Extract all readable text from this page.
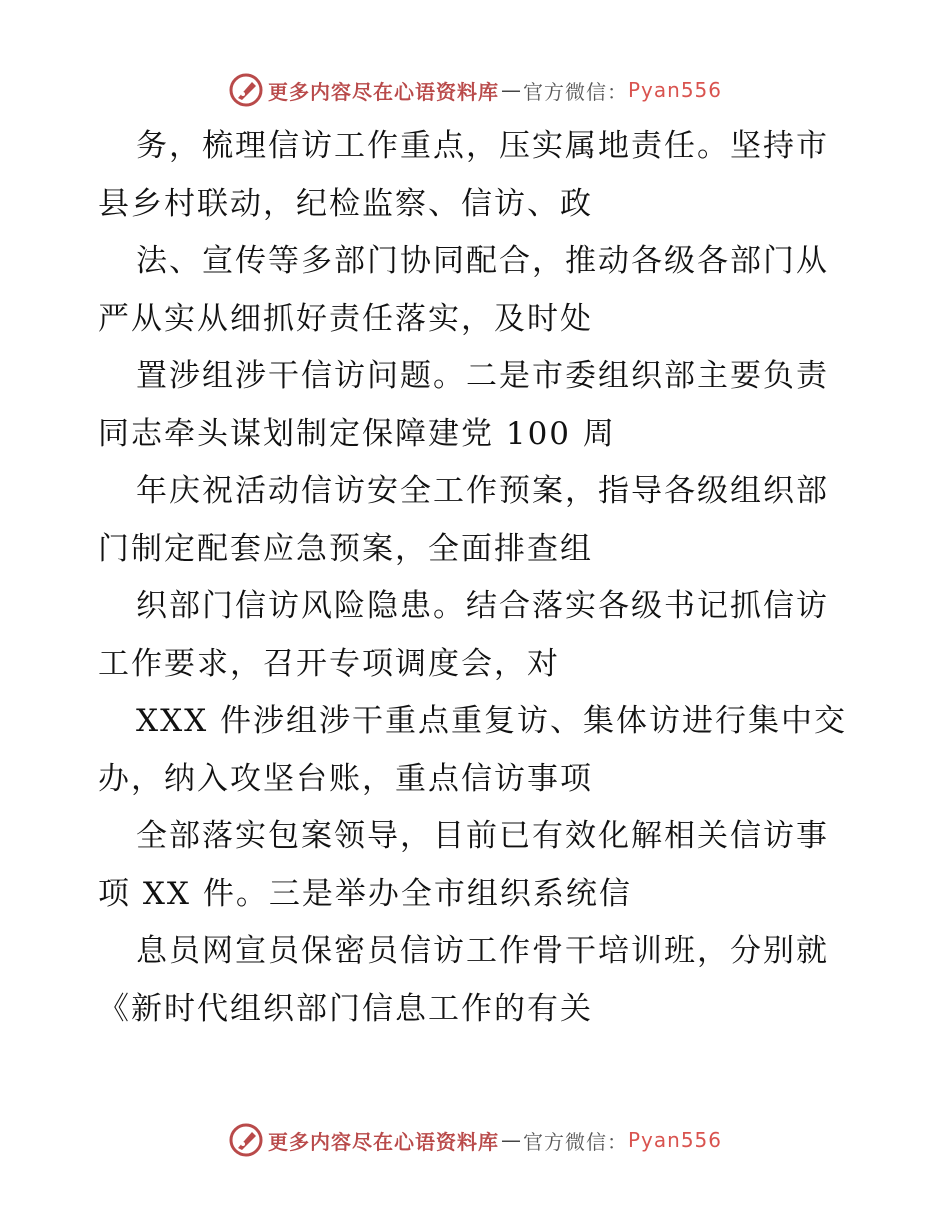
更多内容尽在心语资料库 — 官方微信： Pyan556
务，梳理信访工作重点，压实属地责任。坚持市
县乡村联动，纪检监察、信访、政
法、宣传等多部门协同配合，推动各级各部门从
严从实从细抓好责任落实，及时处
置涉组涉干信访问题。二是市委组织部主要负责
同志牵头谋划制定保障建党 100 周
年庆祝活动信访安全工作预案，指导各级组织部
门制定配套应急预案，全面排查组
织部门信访风险隐患。结合落实各级书记抓信访
工作要求，召开专项调度会，对
XXX 件涉组涉干重点重复访、集体访进行集中交
办，纳入攻坚台账，重点信访事项
全部落实包案领导，目前已有效化解相关信访事
项 XX 件。三是举办全市组织系统信
息员网宣员保密员信访工作骨干培训班，分别就
《新时代组织部门信息工作的有关
更多内容尽在心语资料库 — 官方微信： Pyan556
